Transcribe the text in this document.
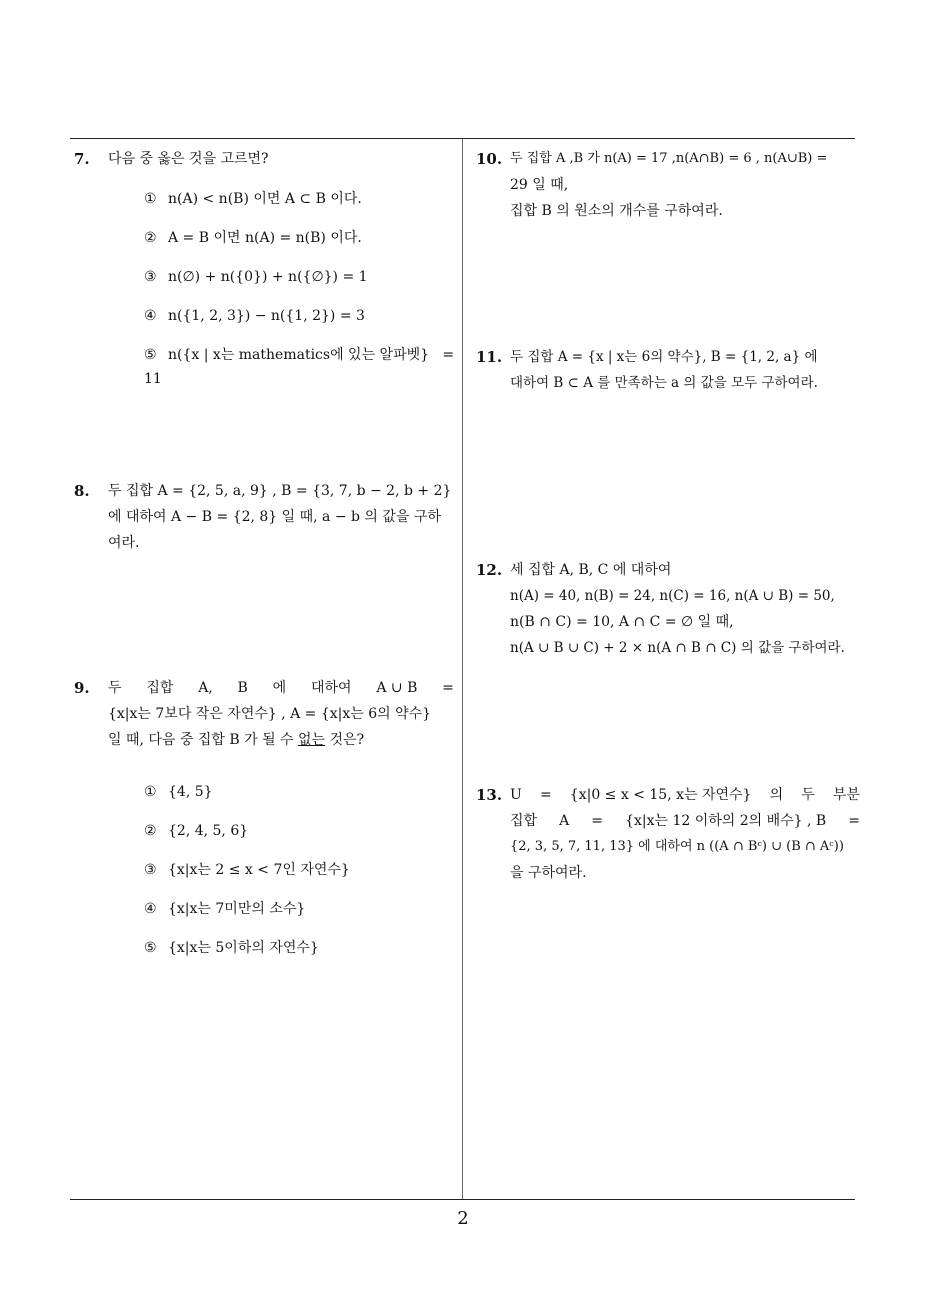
7. 다음 중 옳은 것을 고르면?
① n(A) < n(B) 이면 A ⊂ B 이다.
② A = B 이면 n(A) = n(B) 이다.
③ n(∅) + n({0}) + n({∅}) = 1
④ n({1, 2, 3}) − n({1, 2}) = 3
⑤ n({x | x는 mathematics에 있는 알파벳}   =
11
8. 두 집합 A = {2, 5, a, 9} , B = {3, 7, b − 2, b + 2}
에 대하여 A − B = {2, 8} 일 때, a − b 의 값을 구하
여라.
9. 두 집합 A, B 에 대하여 A ∪ B =
{x|x는 7보다 작은 자연수} , A = {x|x는 6의 약수}
일 때, 다음 중 집합 B 가 될 수 없는 것은?
① {4, 5}
② {2, 4, 5, 6}
③ {x|x는 2 ≤ x < 7인 자연수}
④ {x|x는 7미만의 소수}
⑤ {x|x는 5이하의 자연수}
10. 두 집합 A ,B 가 n(A) = 17 ,n(A∩B) = 6 , n(A∪B) =
29 일 때,
집합 B 의 원소의 개수를 구하여라.
11. 두 집합 A = {x | x는 6의 약수}, B = {1, 2, a} 에
대하여 B ⊂ A 를 만족하는 a 의 값을 모두 구하여라.
12. 세 집합 A, B, C 에 대하여
n(A) = 40, n(B) = 24, n(C) = 16, n(A ∪ B) = 50,
n(B ∩ C) = 10, A ∩ C = ∅ 일 때,
n(A ∪ B ∪ C) + 2 × n(A ∩ B ∩ C) 의 값을 구하여라.
13. U = {x|0 ≤ x < 15, x는 자연수} 의 두 부분
집합 A = {x|x는 12 이하의 2의 배수} , B =
{2, 3, 5, 7, 11, 13} 에 대하여 n ((A ∩ Bᶜ) ∪ (B ∩ Aᶜ))
을 구하여라.
2
